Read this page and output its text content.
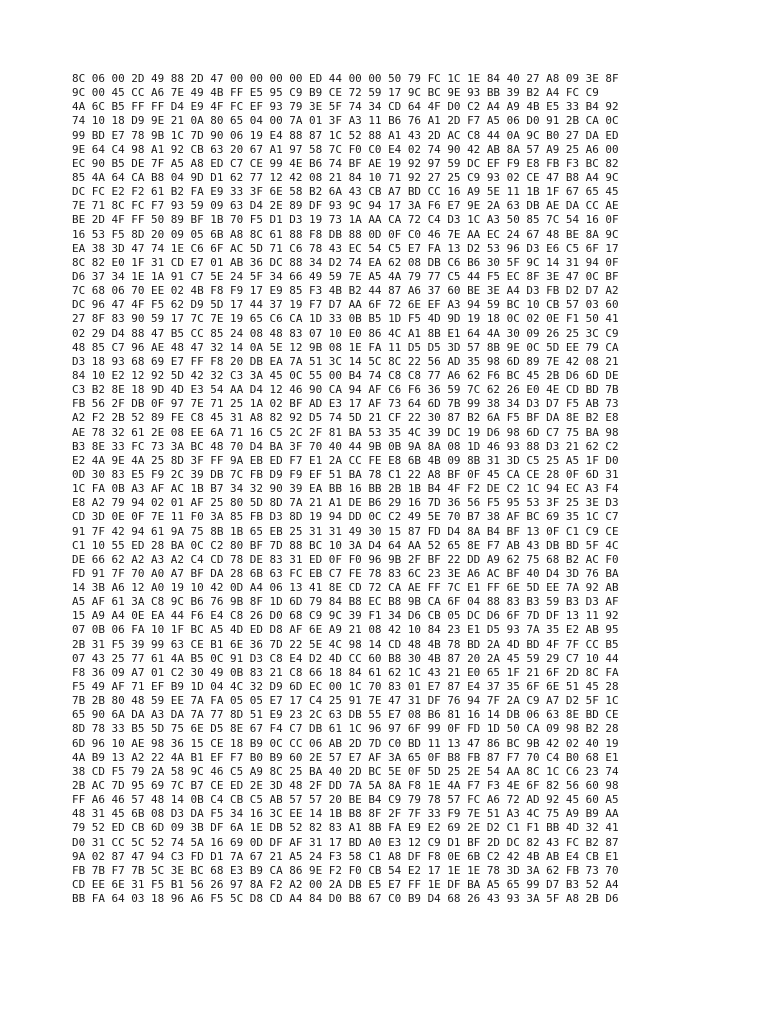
8C 06 00 2D 49 88 2D 47 00 00 00 00 ED 44 00 00 50 79 FC 1C 1E 84 40 27 A8 09 3E 8F
9C 00 45 CC A6 7E 49 4B FF E5 95 C9 B9 CE 72 59 17 9C BC 9E 93 BB 39 B2 A4 FC C9
4A 6C B5 FF FF D4 E9 4F FC EF 93 79 3E 5F 74 34 CD 64 4F D0 C2 A4 A9 4B E5 33 B4 92
74 10 18 D9 9E 21 0A 80 65 04 00 7A 01 3F A3 11 B6 76 A1 2D F7 A5 06 D0 91 2B CA 0C
99 BD E7 78 9B 1C 7D 90 06 19 E4 88 87 1C 52 88 A1 43 2D AC C8 44 0A 9C B0 27 DA ED
9E 64 C4 98 A1 92 CB 63 20 67 A1 97 58 7C F0 C0 E4 02 74 90 42 AB 8A 57 A9 25 A6 00
EC 90 B5 DE 7F A5 A8 ED C7 CE 99 4E B6 74 BF AE 19 92 97 59 DC EF F9 E8 FB F3 BC 82
85 4A 64 CA B8 04 9D D1 62 77 12 42 08 21 84 10 71 92 27 25 C9 93 02 CE 47 B8 A4 9C
DC FC E2 F2 61 B2 FA E9 33 3F 6E 58 B2 6A 43 CB A7 BD CC 16 A9 5E 11 1B 1F 67 65 45
7E 71 8C FC F7 93 59 09 63 D4 2E 89 DF 93 9C 94 17 3A F6 E7 9E 2A 63 DB AE DA CC AE
BE 2D 4F FF 50 89 BF 1B 70 F5 D1 D3 19 73 1A AA CA 72 C4 D3 1C A3 50 85 7C 54 16 0F
16 53 F5 8D 20 09 05 6B A8 8C 61 88 F8 DB 88 0D 0F C0 46 7E AA EC 24 67 48 BE 8A 9C
EA 38 3D 47 74 1E C6 6F AC 5D 71 C6 78 43 EC 54 C5 E7 FA 13 D2 53 96 D3 E6 C5 6F 17
8C 82 E0 1F 31 CD E7 01 AB 36 DC 88 34 D2 74 EA 62 08 DB C6 B6 30 5F 9C 14 31 94 0F
D6 37 34 1E 1A 91 C7 5E 24 5F 34 66 49 59 7E A5 4A 79 77 C5 44 F5 EC 8F 3E 47 0C BF
7C 68 06 70 EE 02 4B F8 F9 17 E9 85 F3 4B B2 44 87 A6 37 60 BE 3E A4 D3 FB D2 D7 A2
DC 96 47 4F F5 62 D9 5D 17 44 37 19 F7 D7 AA 6F 72 6E EF A3 94 59 BC 10 CB 57 03 60
27 8F 83 90 59 17 7C 7E 19 65 C6 CA 1D 33 0B B5 1D F5 4D 9D 19 18 0C 02 0E F1 50 41
02 29 D4 88 47 B5 CC 85 24 08 48 83 07 10 E0 86 4C A1 8B E1 64 4A 30 09 26 25 3C C9
48 85 C7 96 AE 48 47 32 14 0A 5E 12 9B 08 1E FA 11 D5 D5 3D 57 8B 9E 0C 5D EE 79 CA
D3 18 93 68 69 E7 FF F8 20 DB EA 7A 51 3C 14 5C 8C 22 56 AD 35 98 6D 89 7E 42 08 21
84 10 E2 12 92 5D 42 32 C3 3A 45 0C 55 00 B4 74 C8 C8 77 A6 62 F6 BC 45 2B D6 6D DE
C3 B2 8E 18 9D 4D E3 54 AA D4 12 46 90 CA 94 AF C6 F6 36 59 7C 62 26 E0 4E CD BD 7B
FB 56 2F DB 0F 97 7E 71 25 1A 02 BF AD E3 17 AF 73 64 6D 7B 99 38 34 D3 D7 F5 AB 73
A2 F2 2B 52 89 FE C8 45 31 A8 82 92 D5 74 5D 21 CF 22 30 87 B2 6A F5 BF DA 8E B2 E8
AE 78 32 61 2E 08 EE 6A 71 16 C5 2C 2F 81 BA 53 35 4C 39 DC 19 D6 98 6D C7 75 BA 98
B3 8E 33 FC 73 3A BC 48 70 D4 BA 3F 70 40 44 9B 0B 9A 8A 08 1D 46 93 88 D3 21 62 C2
E2 4A 9E 4A 25 8D 3F FF 9A EB ED F7 E1 2A CC FE E8 6B 4B 09 8B 31 3D C5 25 A5 1F D0
0D 30 83 E5 F9 2C 39 DB 7C FB D9 F9 EF 51 BA 78 C1 22 A8 BF 0F 45 CA CE 28 0F 6D 31
1C FA 0B A3 AF AC 1B B7 34 32 90 39 EA BB 16 BB 2B 1B B4 4F F2 DE C2 1C 94 EC A3 F4
E8 A2 79 94 02 01 AF 25 80 5D 8D 7A 21 A1 DE B6 29 16 7D 36 56 F5 95 53 3F 25 3E D3
CD 3D 0E 0F 7E 11 F0 3A 85 FB D3 8D 19 94 DD 0C C2 49 5E 70 B7 38 AF BC 69 35 1C C7
91 7F 42 94 61 9A 75 8B 1B 65 EB 25 31 31 49 30 15 87 FD D4 8A B4 BF 13 0F C1 C9 CE
C1 10 55 ED 28 BA 0C C2 80 BF 7D 88 BC 10 3A D4 64 AA 52 65 8E F7 AB 43 DB BD 5F 4C
DE 66 62 A2 A3 A2 C4 CD 78 DE 83 31 ED 0F F0 96 9B 2F BF 22 DD A9 62 75 68 B2 AC F0
FD 91 7F 70 A0 A7 BF DA 28 6B 63 FC EB C7 FE 78 83 6C 23 3E A6 AC BF 40 D4 3D 76 BA
14 3B A6 12 A0 19 10 42 0D A4 06 13 41 8E CD 72 CA AE FF 7C E1 FF 6E 5D EE 7A 92 AB
A5 AF 61 3A C8 9C B6 76 9B 8F 1D 6D 79 84 B8 EC B8 9B CA 6F 04 88 83 B3 59 B3 D3 AF
15 A9 A4 0E EA 44 F6 E4 C8 26 D0 68 C9 9C 39 F1 34 D6 CB 05 DC D6 6F 7D DF 13 11 92
07 0B 06 FA 10 1F BC A5 4D ED D8 AF 6E A9 21 08 42 10 84 23 E1 D5 93 7A 35 E2 AB 95
2B 31 F5 39 99 63 CE B1 6E 36 7D 22 5E 4C 98 14 CD 48 4B 78 BD 2A 4D BD 4F 7F CC B5
07 43 25 77 61 4A B5 0C 91 D3 C8 E4 D2 4D CC 60 B8 30 4B 87 20 2A 45 59 29 C7 10 44
F8 36 09 A7 01 C2 30 49 0B 83 21 C8 66 18 84 61 62 1C 43 21 E0 65 1F 21 6F 2D 8C FA
F5 49 AF 71 EF B9 1D 04 4C 32 D9 6D EC 00 1C 70 83 01 E7 87 E4 37 35 6F 6E 51 45 28
7B 2B 80 48 59 EE 7A FA 05 05 E7 17 C4 25 91 7E 47 31 DF 76 94 7F 2A C9 A7 D2 5F 1C
65 90 6A DA A3 DA 7A 77 8D 51 E9 23 2C 63 DB 55 E7 08 B6 81 16 14 DB 06 63 8E BD CE
8D 78 33 B5 5D 75 6E D5 8E 67 F4 C7 DB 61 1C 96 97 6F 99 0F FD 1D 50 CA 09 98 B2 28
6D 96 10 AE 98 36 15 CE 18 B9 0C CC 06 AB 2D 7D C0 BD 11 13 47 86 BC 9B 42 02 40 19
4A B9 13 A2 22 4A B1 EF F7 B0 B9 60 2E 57 E7 AF 3A 65 0F B8 FB 87 F7 70 C4 B0 68 E1
38 CD F5 79 2A 58 9C 46 C5 A9 8C 25 BA 40 2D BC 5E 0F 5D 25 2E 54 AA 8C 1C C6 23 74
2B AC 7D 95 69 7C B7 CE ED 2E 3D 48 2F DD 7A 5A 8A F8 1E 4A F7 F3 4E 6F 82 56 60 98
FF A6 46 57 48 14 0B C4 CB C5 AB 57 57 20 BE B4 C9 79 78 57 FC A6 72 AD 92 45 60 A5
48 31 45 6B 08 D3 DA F5 34 16 3C EE 14 1B B8 8F 2F 7F 33 F9 7E 51 A3 4C 75 A9 B9 AA
79 52 ED CB 6D 09 3B DF 6A 1E DB 52 82 83 A1 8B FA E9 E2 69 2E D2 C1 F1 BB 4D 32 41
D0 31 CC 5C 52 74 5A 16 69 0D DF AF 31 17 BD A0 E3 12 C9 D1 BF 2D DC 82 43 FC B2 87
9A 02 87 47 94 C3 FD D1 7A 67 21 A5 24 F3 58 C1 A8 DF F8 0E 6B C2 42 4B AB E4 CB E1
FB 7B F7 7B 5C 3E BC 68 E3 B9 CA 86 9E F2 F0 CB 54 E2 17 1E 1E 78 3D 3A 62 FB 73 70
CD EE 6E 31 F5 B1 56 26 97 8A F2 A2 00 2A DB E5 E7 FF 1E DF BA A5 65 99 D7 B3 52 A4
BB FA 64 03 18 96 A6 F5 5C D8 CD A4 84 D0 B8 67 C0 B9 D4 68 26 43 93 3A 5F A8 2B D6
